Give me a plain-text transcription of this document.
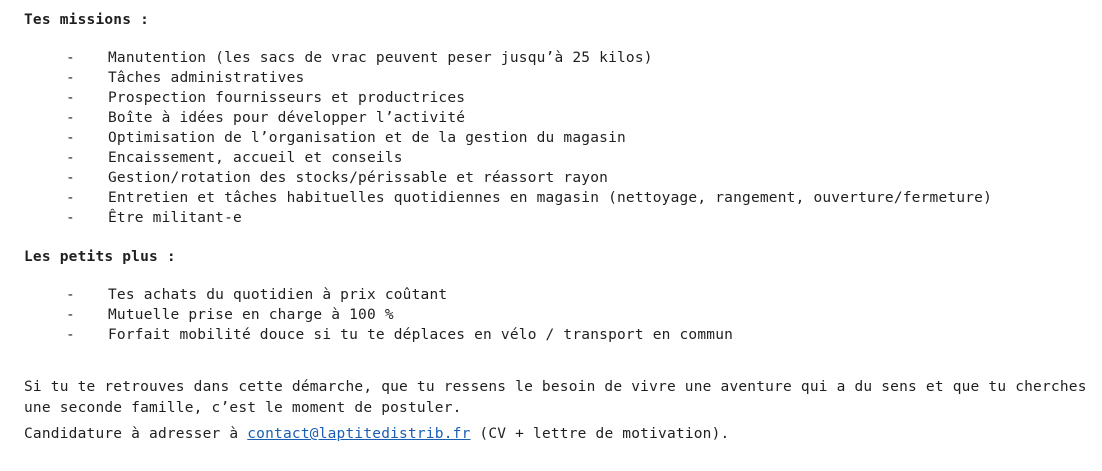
Tes missions :
- Manutention (les sacs de vrac peuvent peser jusqu’à 25 kilos)
- Tâches administratives
- Prospection fournisseurs et productrices
- Boîte à idées pour développer l’activité
- Optimisation de l’organisation et de la gestion du magasin
- Encaissement, accueil et conseils
- Gestion/rotation des stocks/périssable et réassort rayon
- Entretien et tâches habituelles quotidiennes en magasin (nettoyage, rangement, ouverture/fermeture)
- Être militant-e
Les petits plus :
- Tes achats du quotidien à prix coûtant
- Mutuelle prise en charge à 100 %
- Forfait mobilité douce si tu te déplaces en vélo / transport en commun
Si tu te retrouves dans cette démarche, que tu ressens le besoin de vivre une aventure qui a du sens et que tu cherches une seconde famille, c’est le moment de postuler.
Candidature à adresser à contact@laptitedistrib.fr (CV + lettre de motivation).
